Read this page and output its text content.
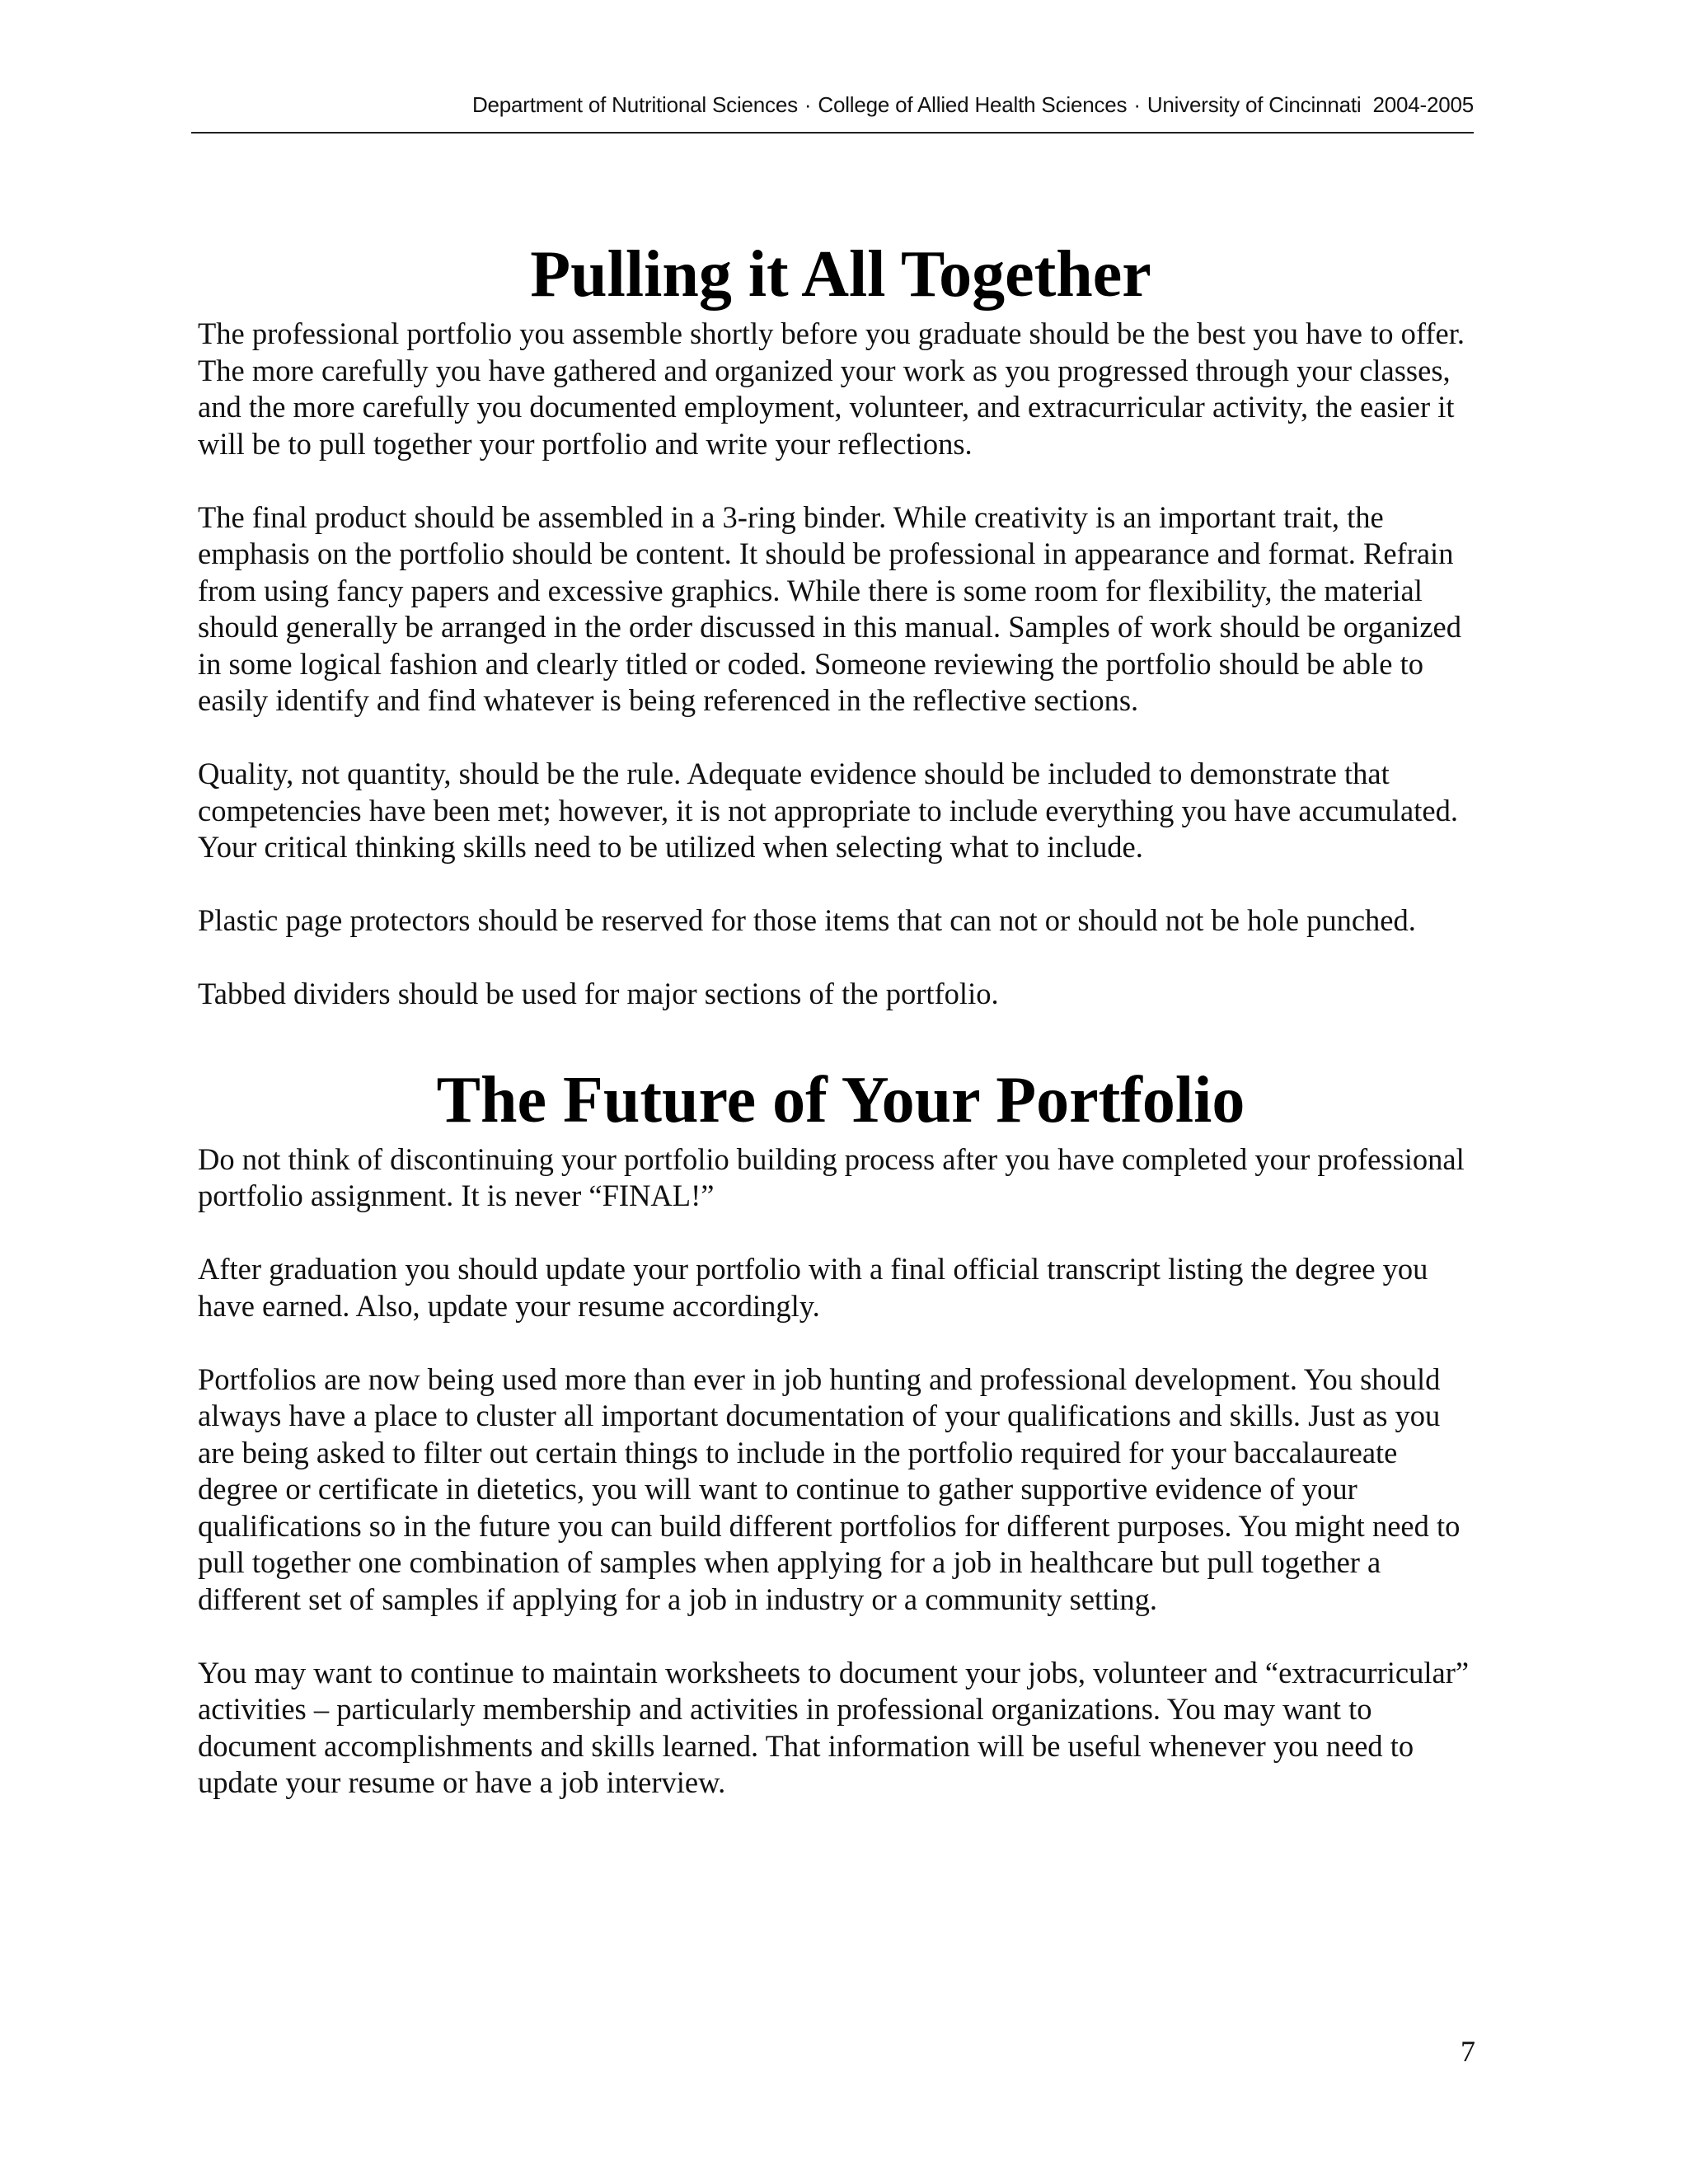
Department of Nutritional Sciences · College of Allied Health Sciences · University of Cincinnati 2004-2005
Pulling it All Together

The professional portfolio you assemble shortly before you graduate should be the best you have to offer. The more carefully you have gathered and organized your work as you progressed through your classes, and the more carefully you documented employment, volunteer, and extracurricular activity, the easier it will be to pull together your portfolio and write your reflections.

The final product should be assembled in a 3-ring binder. While creativity is an important trait, the emphasis on the portfolio should be content. It should be professional in appearance and format. Refrain from using fancy papers and excessive graphics. While there is some room for flexibility, the material should generally be arranged in the order discussed in this manual. Samples of work should be organized in some logical fashion and clearly titled or coded. Someone reviewing the portfolio should be able to easily identify and find whatever is being referenced in the reflective sections.

Quality, not quantity, should be the rule. Adequate evidence should be included to demonstrate that competencies have been met; however, it is not appropriate to include everything you have accumulated. Your critical thinking skills need to be utilized when selecting what to include.

Plastic page protectors should be reserved for those items that can not or should not be hole punched.

Tabbed dividers should be used for major sections of the portfolio.

The Future of Your Portfolio

Do not think of discontinuing your portfolio building process after you have completed your professional portfolio assignment. It is never “FINAL!”

After graduation you should update your portfolio with a final official transcript listing the degree you have earned. Also, update your resume accordingly.

Portfolios are now being used more than ever in job hunting and professional development. You should always have a place to cluster all important documentation of your qualifications and skills. Just as you are being asked to filter out certain things to include in the portfolio required for your baccalaureate degree or certificate in dietetics, you will want to continue to gather supportive evidence of your qualifications so in the future you can build different portfolios for different purposes. You might need to pull together one combination of samples when applying for a job in healthcare but pull together a different set of samples if applying for a job in industry or a community setting.

You may want to continue to maintain worksheets to document your jobs, volunteer and “extracurricular” activities – particularly membership and activities in professional organizations. You may want to document accomplishments and skills learned. That information will be useful whenever you need to update your resume or have a job interview.

7
